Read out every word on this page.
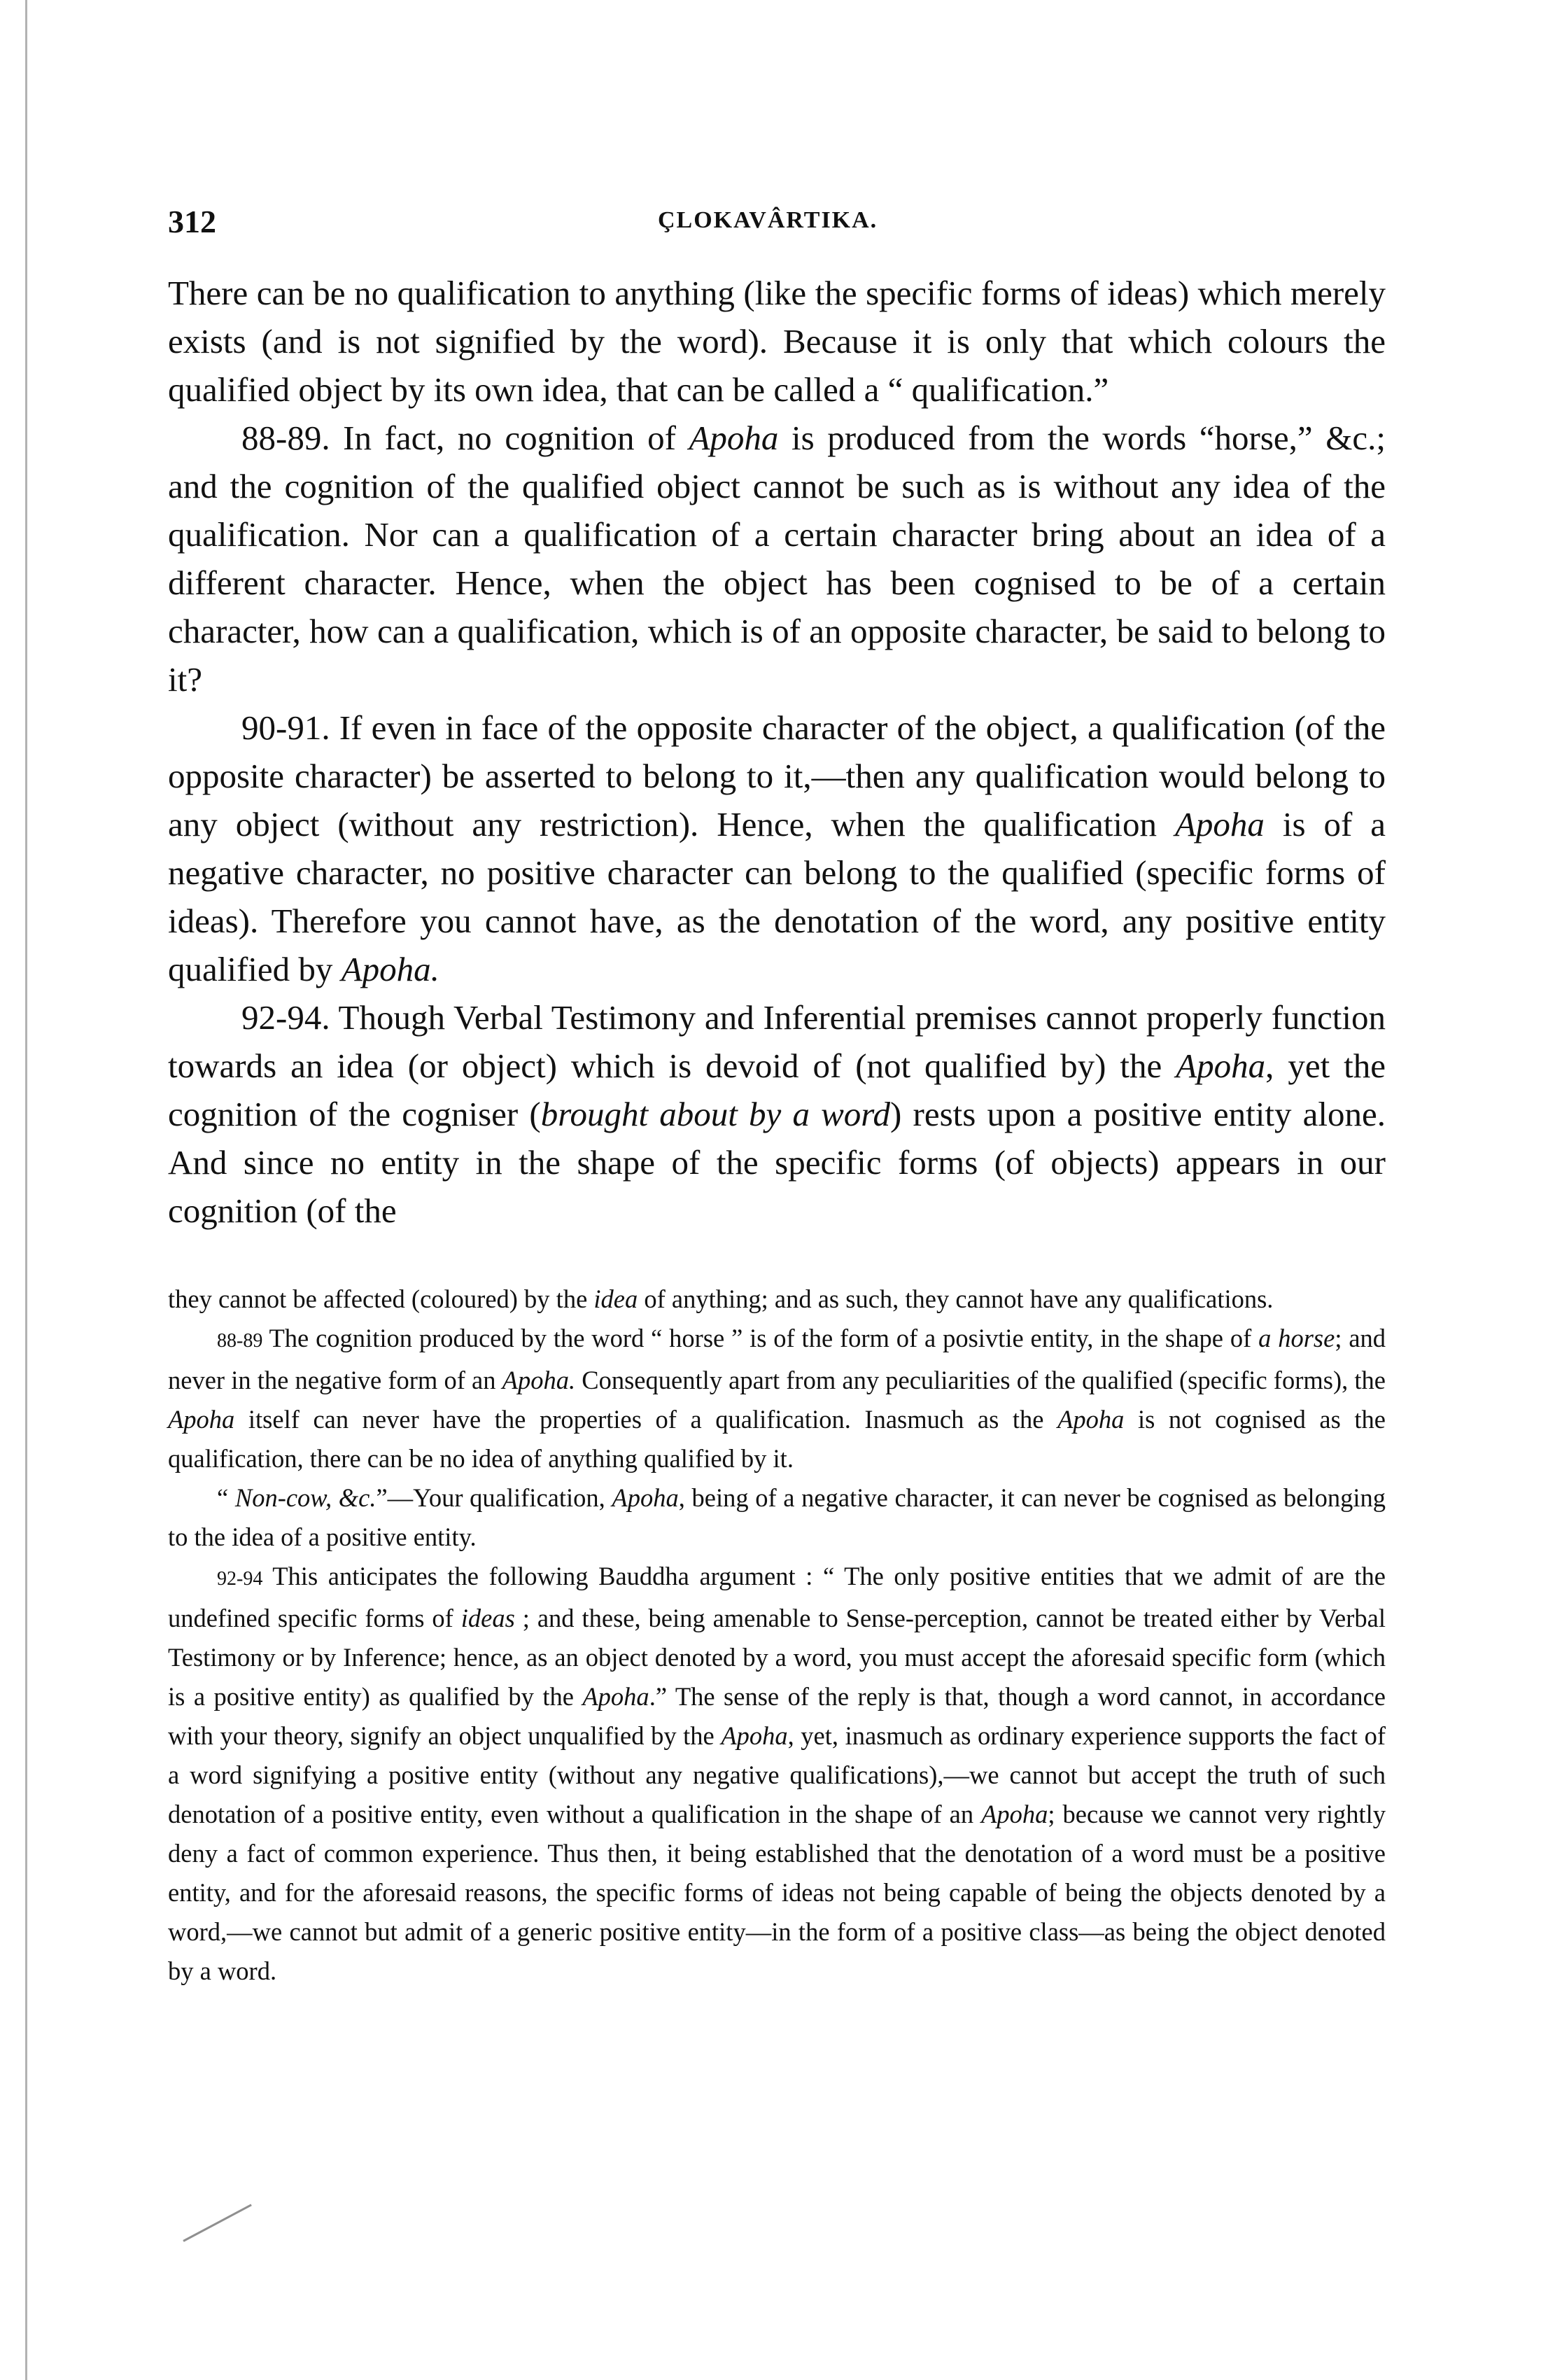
312	ÇLOKAVÂRTIKA.

There can be no qualification to anything (like the specific forms of ideas) which merely exists (and is not signified by the word). Because it is only that which colours the qualified object by its own idea, that can be called a “ qualification.”

88-89. In fact, no cognition of Apoha is produced from the words “horse,” &c.; and the cognition of the qualified object cannot be such as is without any idea of the qualification. Nor can a qualification of a certain character bring about an idea of a different character. Hence, when the object has been cognised to be of a certain character, how can a qualification, which is of an opposite character, be said to belong to it?

90-91. If even in face of the opposite character of the object, a qualification (of the opposite character) be asserted to belong to it,—then any qualification would belong to any object (without any restriction). Hence, when the qualification Apoha is of a negative character, no positive character can belong to the qualified (specific forms of ideas). Therefore you cannot have, as the denotation of the word, any positive entity qualified by Apoha.

92-94. Though Verbal Testimony and Inferential premises cannot properly function towards an idea (or object) which is devoid of (not qualified by) the Apoha, yet the cognition of the cogniser (brought about by a word) rests upon a positive entity alone. And since no entity in the shape of the specific forms (of objects) appears in our cognition (of the

they cannot be affected (coloured) by the idea of anything; and as such, they cannot have any qualifications.

88-89 The cognition produced by the word “ horse ” is of the form of a posivtie entity, in the shape of a horse; and never in the negative form of an Apoha. Consequently apart from any peculiarities of the qualified (specific forms), the Apoha itself can never have the properties of a qualification. Inasmuch as the Apoha is not cognised as the qualification, there can be no idea of anything qualified by it.

“ Non-cow, &c.”—Your qualification, Apoha, being of a negative character, it can never be cognised as belonging to the idea of a positive entity.

92-94 This anticipates the following Bauddha argument : “ The only positive entities that we admit of are the undefined specific forms of ideas ; and these, being amenable to Sense-perception, cannot be treated either by Verbal Testimony or by Inference; hence, as an object denoted by a word, you must accept the aforesaid specific form (which is a positive entity) as qualified by the Apoha.” The sense of the reply is that, though a word cannot, in accordance with your theory, signify an object unqualified by the Apoha, yet, inasmuch as ordinary experience supports the fact of a word signifying a positive entity (without any negative qualifications),—we cannot but accept the truth of such denotation of a positive entity, even without a qualification in the shape of an Apoha; because we cannot very rightly deny a fact of common experience. Thus then, it being established that the denotation of a word must be a positive entity, and for the aforesaid reasons, the specific forms of ideas not being capable of being the objects denoted by a word,—we cannot but admit of a generic positive entity—in the form of a positive class—as being the object denoted by a word.
